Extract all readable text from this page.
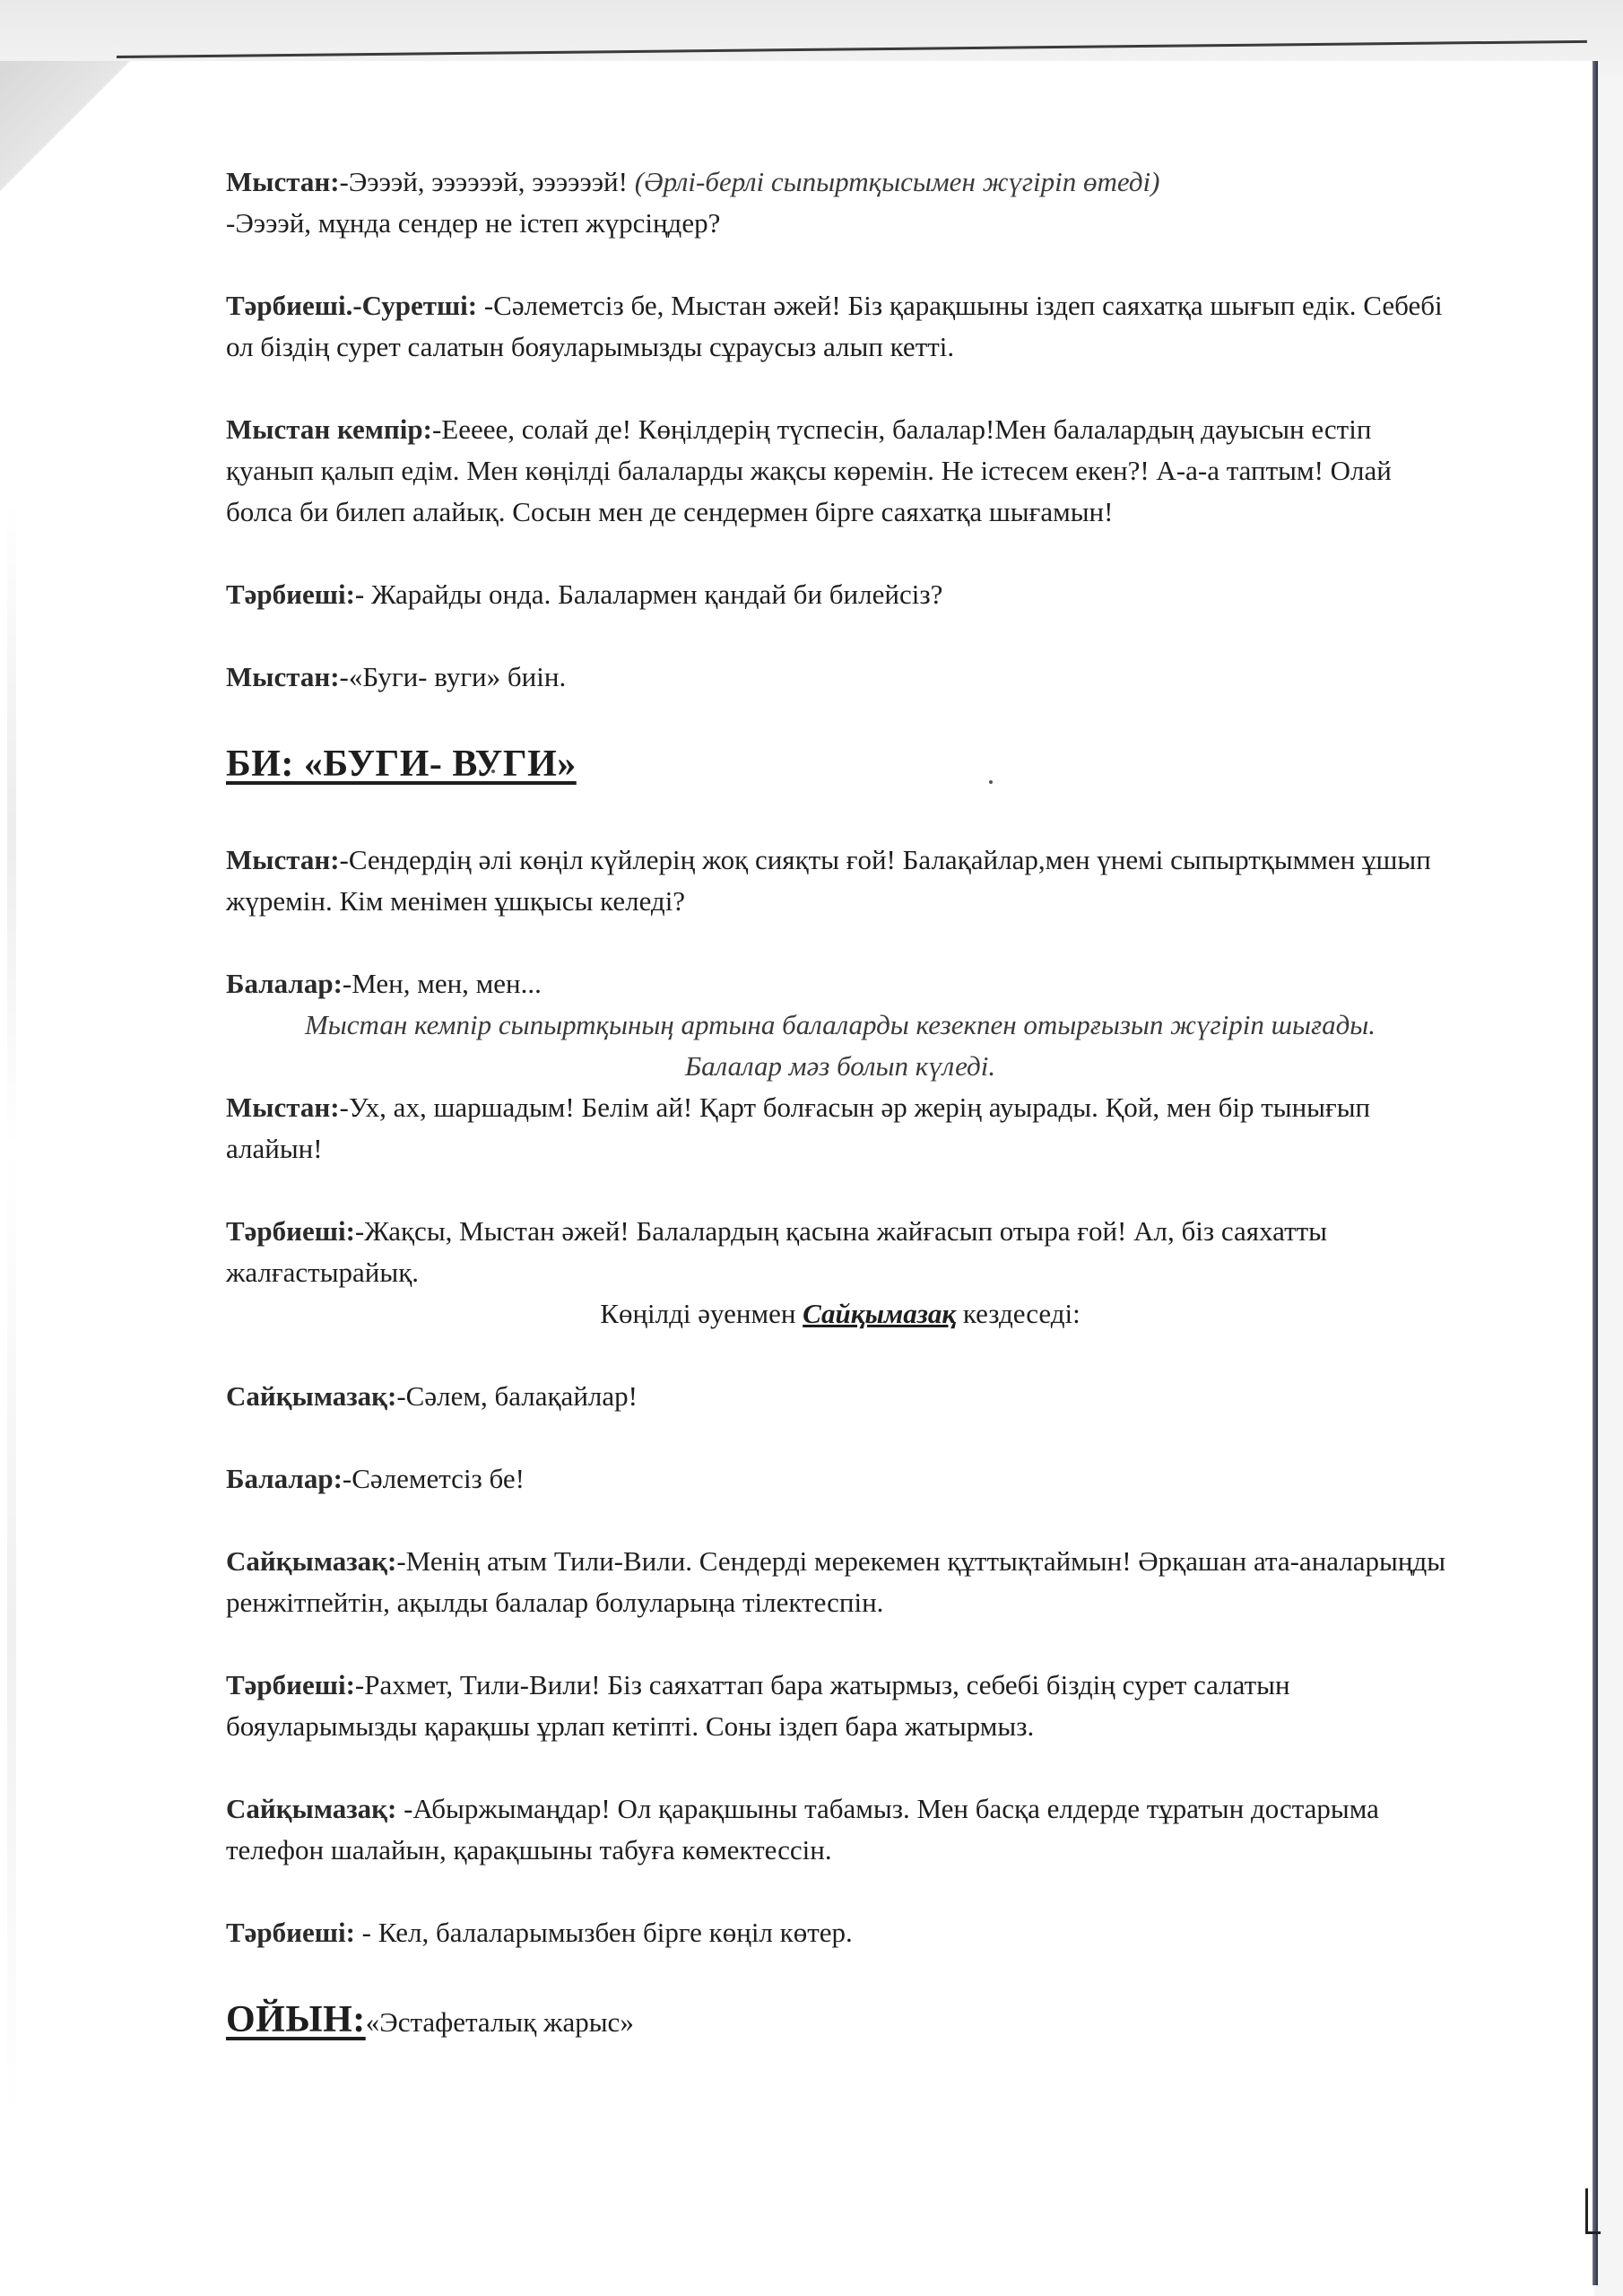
Мыстан:-Ээээй, ээээээй, ээээээй! (Әрлі-берлі сыпыртқысымен жүгіріп өтеді)
-Ээээй, мұнда сендер не істеп жүрсіңдер?

Тәрбиеші.-Суретші: -Сәлеметсіз бе, Мыстан әжей! Біз қарақшыны іздеп саяхатқа шығып едік. Себебі ол біздің сурет салатын бояуларымызды сұраусыз алып кетті.

Мыстан кемпір:-Ееeee, солай де! Көңілдерің түспесін, балалар!Мен балалардың дауысын естіп қуанып қалып едім. Мен көңілді балаларды жақсы көремін. Не істесем екен?! А-а-а таптым! Олай болса би билеп алайық. Сосын мен де сендермен бірге саяхатқа шығамын!

Тәрбиеші:- Жарайды онда. Балалармен қандай би билейсіз?

Мыстан:-«Буги- вуги» биін.

БИ: «БУГИ- ВУГИ»

Мыстан:-Сендердің әлі көңіл күйлерің жоқ сияқты ғой! Балақайлар,мен үнемі сыпыртқыммен ұшып жүремін. Кім менімен ұшқысы келеді?

Балалар:-Мен, мен, мен...

Мыстан кемпір сыпыртқының артына балаларды кезекпен отырғызып жүгіріп шығады.

Балалар мәз болып күледі.

Мыстан:-Ух, ах, шаршадым! Белім ай! Қарт болғасын әр жерің ауырады. Қой, мен бір тынығып алайын!

Тәрбиеші:-Жақсы, Мыстан әжей! Балалардың қасына жайғасып отыра ғой! Ал, біз саяхатты жалғастырайық.

Көңілді әуенмен Сайқымазақ кездеседі:

Сайқымазақ:-Сәлем, балақайлар!

Балалар:-Сәлеметсіз бе!

Сайқымазақ:-Менің атым Тили-Вили. Сендерді мерекемен құттықтаймын! Әрқашан ата-аналарыңды ренжітпейтін, ақылды балалар болуларыңа тілектеспін.

Тәрбиеші:-Рахмет, Тили-Вили! Біз саяхаттап бара жатырмыз, себебі біздің сурет салатын бояуларымызды қарақшы ұрлап кетіпті. Соны іздеп бара жатырмыз.

Сайқымазақ: -Абыржымаңдар! Ол қарақшыны табамыз. Мен басқа елдерде тұратын достарыма телефон шалайын, қарақшыны табуға көмектессін.

Тәрбиеші: - Кел, балаларымызбен бірге көңіл көтер.

ОЙЫН:«Эстафеталық жарыс»
